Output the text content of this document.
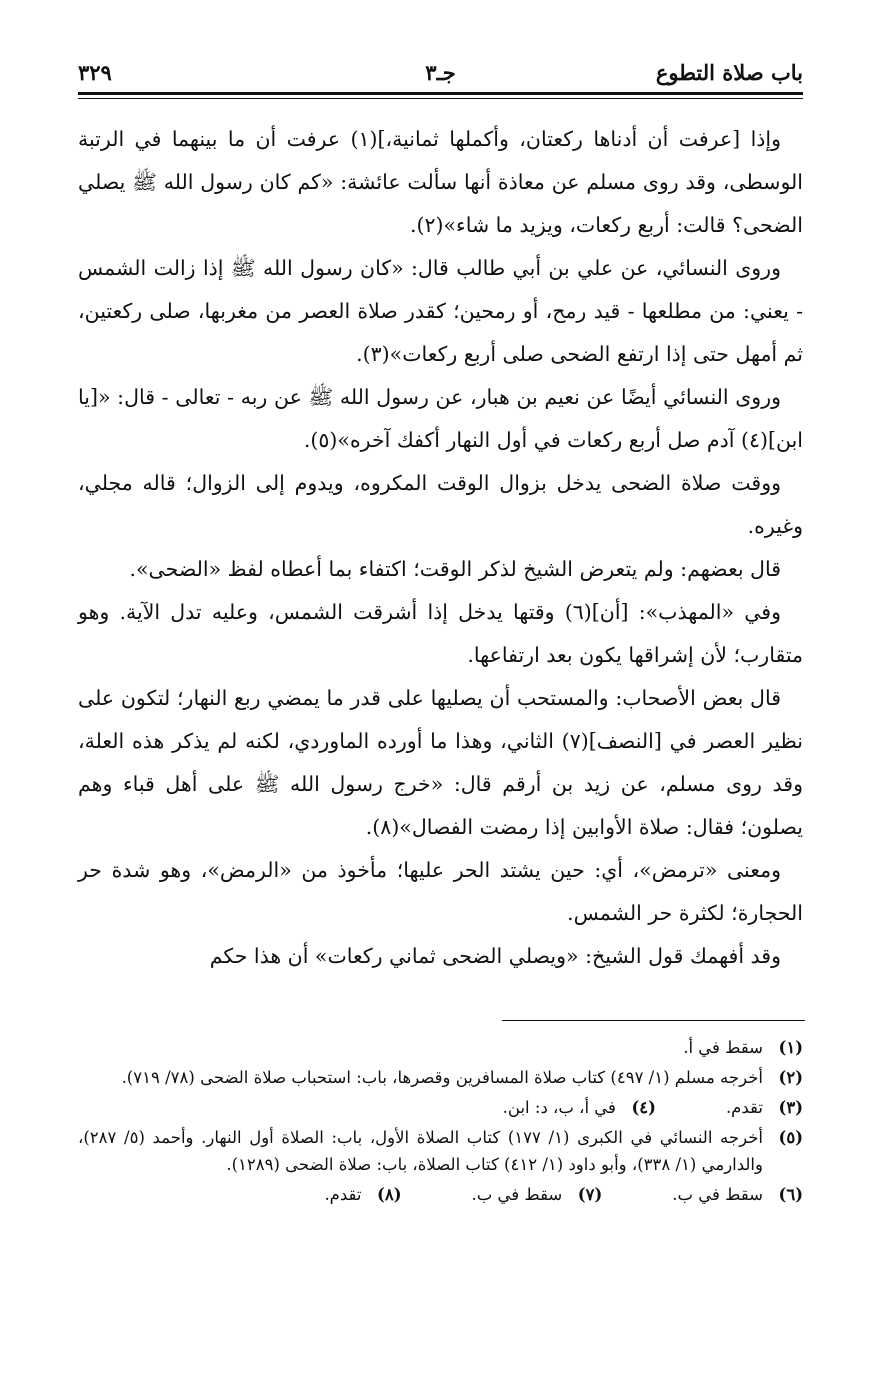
باب صلاة التطوع
جـ٣
٣٢٩

وإذا [عرفت أن أدناها ركعتان، وأكملها ثمانية،](١) عرفت أن ما بينهما في الرتبة الوسطى، وقد روى مسلم عن معاذة أنها سألت عائشة: «كم كان رسول الله ﷺ يصلي الضحى؟ قالت: أربع ركعات، ويزيد ما شاء»(٢).

وروى النسائي، عن علي بن أبي طالب قال: «كان رسول الله ﷺ إذا زالت الشمس - يعني: من مطلعها - قيد رمح، أو رمحين؛ كقدر صلاة العصر من مغربها، صلى ركعتين، ثم أمهل حتى إذا ارتفع الضحى صلى أربع ركعات»(٣).

وروى النسائي أيضًا عن نعيم بن هبار، عن رسول الله ﷺ عن ربه - تعالى - قال: «[يا ابن](٤) آدم صل أربع ركعات في أول النهار أكفك آخره»(٥).

ووقت صلاة الضحى يدخل بزوال الوقت المكروه، ويدوم إلى الزوال؛ قاله مجلي، وغيره.

قال بعضهم: ولم يتعرض الشيخ لذكر الوقت؛ اكتفاء بما أعطاه لفظ «الضحى».

وفي «المهذب»: [أن](٦) وقتها يدخل إذا أشرقت الشمس، وعليه تدل الآية. وهو متقارب؛ لأن إشراقها يكون بعد ارتفاعها.

قال بعض الأصحاب: والمستحب أن يصليها على قدر ما يمضي ربع النهار؛ لتكون على نظير العصر في [النصف](٧) الثاني، وهذا ما أورده الماوردي، لكنه لم يذكر هذه العلة، وقد روى مسلم، عن زيد بن أرقم قال: «خرج رسول الله ﷺ على أهل قباء وهم يصلون؛ فقال: صلاة الأوابين إذا رمضت الفصال»(٨).

ومعنى «ترمض»، أي: حين يشتد الحر عليها؛ مأخوذ من «الرمض»، وهو شدة حر الحجارة؛ لكثرة حر الشمس.

وقد أفهمك قول الشيخ: «ويصلي الضحى ثماني ركعات» أن هذا حكم

(١)
سقط في أ.
(٢)
أخرجه مسلم (١/ ٤٩٧) كتاب صلاة المسافرين وقصرها، باب: استحباب صلاة الضحى (٧٨/ ٧١٩).
(٣)
تقدم.
(٤)
في أ، ب، د: ابن.
(٥)
أخرجه النسائي في الكبرى (١/ ١٧٧) كتاب الصلاة الأول، باب: الصلاة أول النهار. وأحمد (٥/ ٢٨٧)، والدارمي (١/ ٣٣٨)، وأبو داود (١/ ٤١٢) كتاب الصلاة، باب: صلاة الضحى (١٢٨٩).
(٦)
سقط في ب.
(٧)
سقط في ب.
(٨)
تقدم.
